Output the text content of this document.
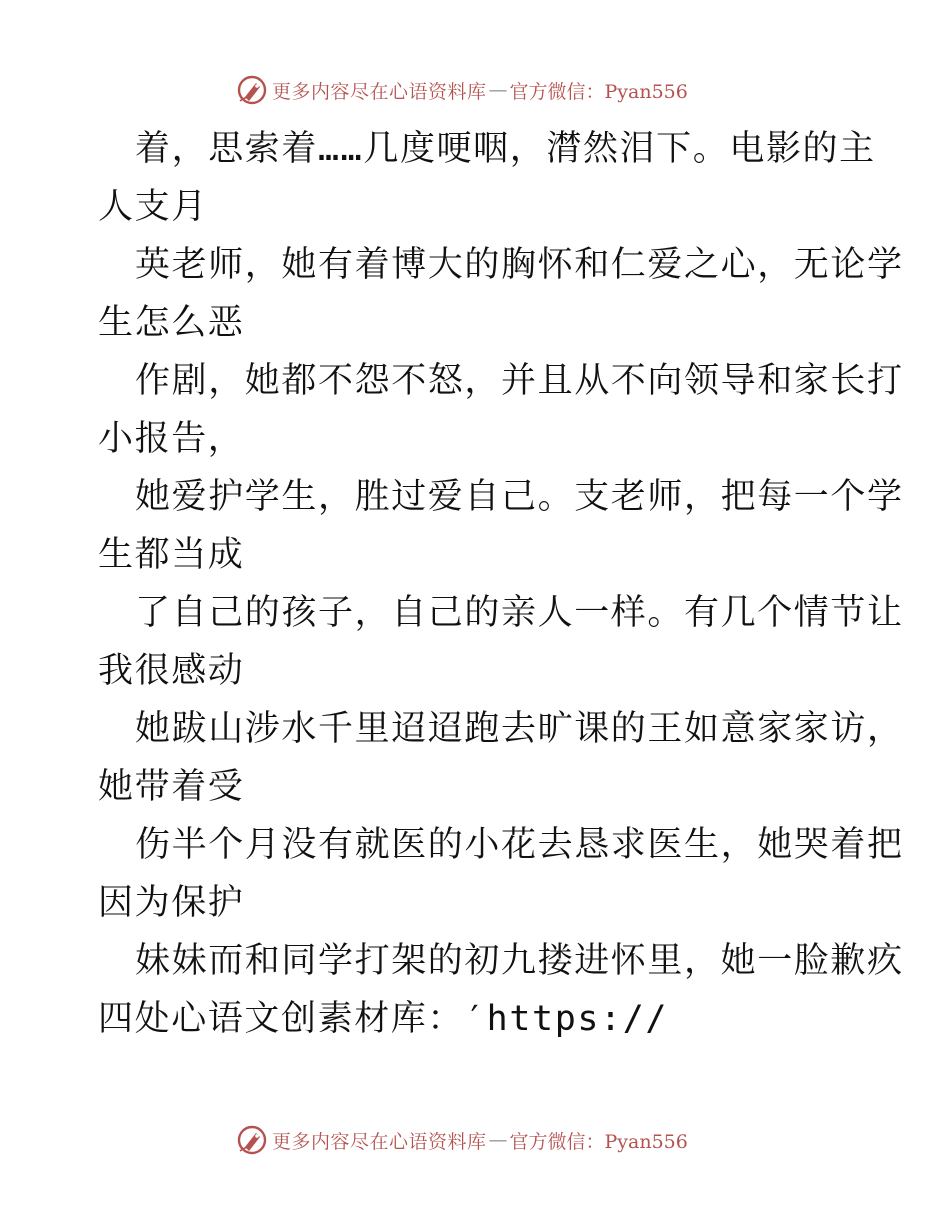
更多内容尽在心语资料库 — 官方微信：Pyan556
着，思索着……几度哽咽，潸然泪下。电影的主
人支月
英老师，她有着博大的胸怀和仁爱之心，无论学
生怎么恶
作剧，她都不怨不怒，并且从不向领导和家长打
小报告，
她爱护学生，胜过爱自己。支老师，把每一个学
生都当成
了自己的孩子，自己的亲人一样。有几个情节让
我很感动
她跋山涉水千里迢迢跑去旷课的王如意家家访，
她带着受
伤半个月没有就医的小花去恳求医生，她哭着把
因为保护
妹妹而和同学打架的初九搂进怀里，她一脸歉疚
四处心语文创素材库：′https://
更多内容尽在心语资料库 — 官方微信：Pyan556
